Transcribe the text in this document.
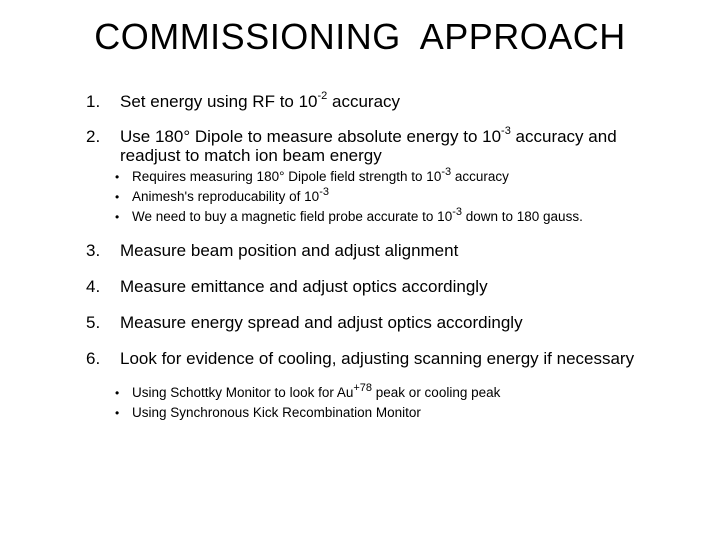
COMMISSIONING  APPROACH
1.	Set energy using RF to $10^{-2}$ accuracy
2.	Use 180° Dipole to measure absolute energy to $10^{-3}$ accuracy and
readjust to match ion beam energy
• Requires measuring 180° Dipole field strength to $10^{-3}$ accuracy
• Animesh's reproducability of $10^{-3}$
• We need to buy a magnetic field probe accurate to $10^{-3}$ down to 180 gauss.
3.	Measure beam position and adjust alignment
4.	Measure emittance and adjust optics accordingly
5.	Measure energy spread and adjust optics accordingly
6.	Look for evidence of cooling, adjusting scanning energy if necessary
• Using Schottky Monitor to look for $Au^{+78}$ peak or cooling peak
• Using Synchronous Kick Recombination Monitor
